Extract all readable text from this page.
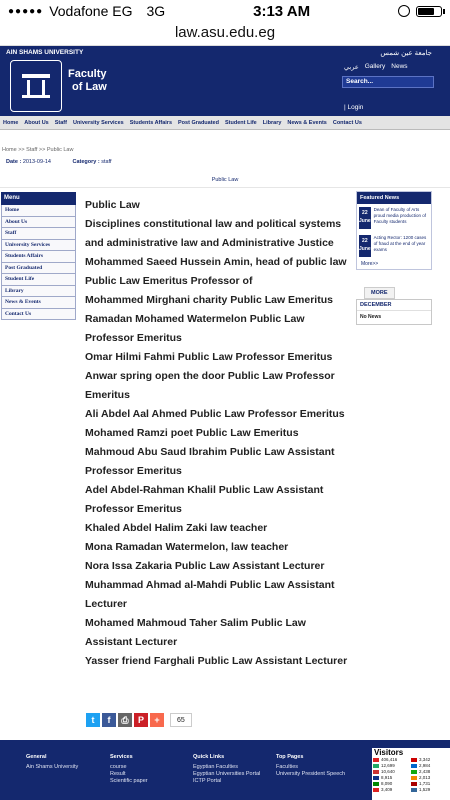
●●●●● Vodafone EG 3G	3:13 AM
law.asu.edu.eg
AIN SHAMS UNIVERSITY	جامعة عين شمس
Faculty
of Law
عربي Gallery News
Search...
| Login
Home About Us Staff University Services Students Affairs Post Graduated Student Life Library News & Events Contact Us
Home >> Staff >> Public Law
Date : 2013-09-14	Category : staff
Public Law
Menu
Home
About Us
Staff
University Services
Students Affairs
Post Graduated
Student Life
Library
News & Events
Contact Us

Public Law

Disciplines constitutional law and political systems and administrative law and Administrative Justice

Mohammed Saeed Hussein Amin, head of public law Public Law Emeritus Professor of

Mohammed Mirghani charity Public Law Emeritus

Ramadan Mohamed Watermelon Public Law Professor Emeritus

Omar Hilmi Fahmi Public Law Professor Emeritus

Anwar spring open the door Public Law Professor Emeritus

Ali Abdel Aal Ahmed Public Law Professor Emeritus

Mohamed Ramzi poet Public Law Emeritus

Mahmoud Abu Saud Ibrahim Public Law Assistant Professor Emeritus

Adel Abdel-Rahman Khalil Public Law Assistant Professor Emeritus

Khaled Abdel Halim Zaki law teacher

Mona Ramadan Watermelon, law teacher

Nora Issa Zakaria Public Law Assistant Lecturer

Muhammad Ahmad al-Mahdi Public Law Assistant Lecturer

Mohamed Mahmoud Taher Salim Public Law Assistant Lecturer

Yasser friend Farghali Public Law Assistant Lecturer

t	f	⎙	P	+	65
Featured News
22
June
Dean of Faculty of Arts proud media production of Faculty students
22
June
Acting Rector: 1200 cases of fraud at the end of year exams
More>>
MORE
DECEMBER
No News
General
Ain Shams University
Services
course
Result
Scientific paper
Quick Links
Egyptian Faculties
Egyptian Universities Portal
ICTP Portal
Top Pages
Faculties
University President Speech
Visitors
406,416	3,342
12,699	2,984
10,640	2,438
8,915	2,013
8,090	1,731
3,409	1,529
